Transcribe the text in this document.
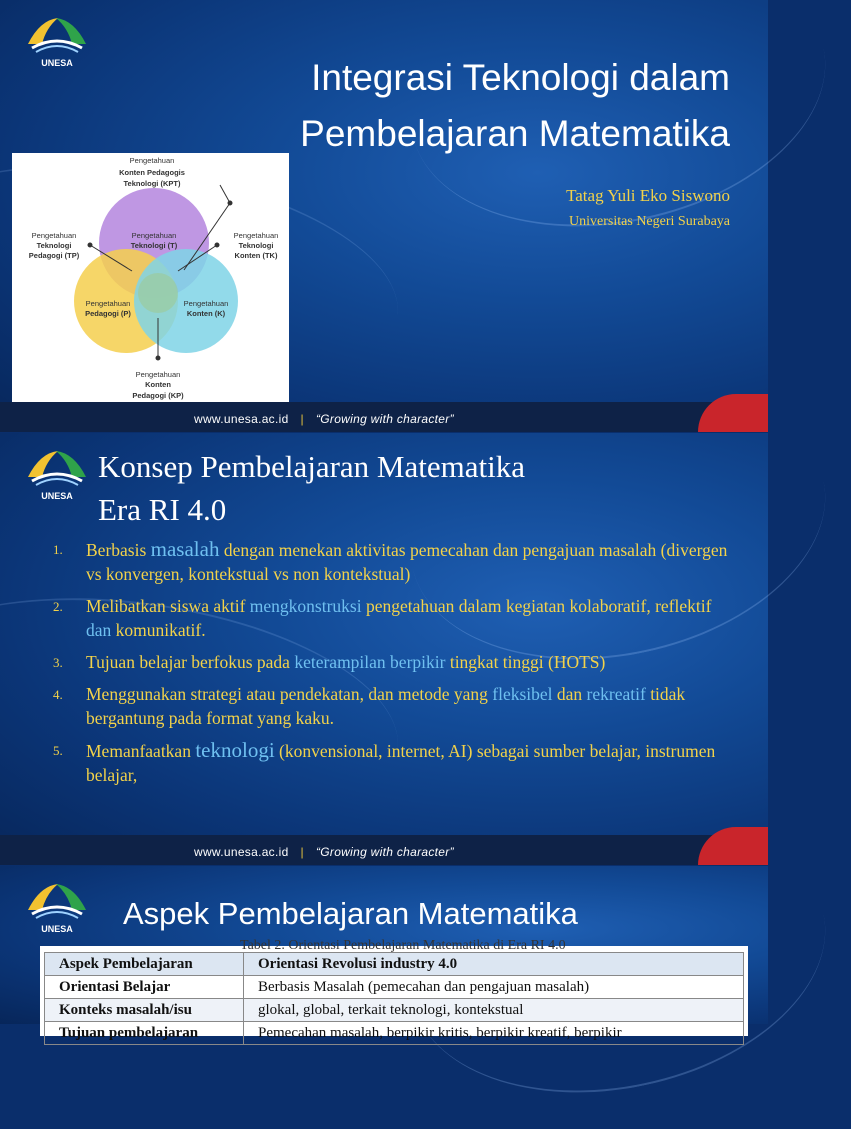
UNESA	Integrasi Teknologi dalam
Pembelajaran Matematika
Tatag Yuli Eko Siswono
Universitas Negeri Surabaya
Pengetahuan
Konten Pedagogis
Teknologi (KPT)
Pengetahuan
Teknologi
Pedagogi (TP)
Pengetahuan
Teknologi
Konten (TK)
Pengetahuan
Teknologi (T)
Pengetahuan
Pedagogi (P)
Pengetahuan
Konten (K)
Pengetahuan
Konten
Pedagogi (KP)
www.unesa.ac.id | “Growing with character”
UNESA
Konsep Pembelajaran Matematika
Era RI 4.0
1. Berbasis masalah dengan menekan aktivitas pemecahan dan pengajuan masalah (divergen vs konvergen, kontekstual vs non kontekstual)
2. Melibatkan siswa aktif mengkonstruksi pengetahuan dalam kegiatan kolaboratif, reflektif dan komunikatif.
3. Tujuan belajar berfokus pada keterampilan berpikir tingkat tinggi (HOTS)
4. Menggunakan strategi atau pendekatan, dan metode yang fleksibel dan rekreatif tidak bergantung pada format yang kaku.
5. Memanfaatkan teknologi (konvensional, internet, AI) sebagai sumber belajar, instrumen belajar,
www.unesa.ac.id | “Growing with character”
UNESA Aspek Pembelajaran Matematika
Tabel 2. Orientasi Pembelajaran Matematika di Era RI 4.0
Aspek Pembelajaran	Orientasi Revolusi industry 4.0
Orientasi Belajar	Berbasis Masalah (pemecahan dan pengajuan masalah)
Konteks masalah/isu	glokal, global, terkait teknologi, kontekstual
Tujuan pembelajaran	Pemecahan masalah, berpikir kritis, berpikir kreatif, berpikir
